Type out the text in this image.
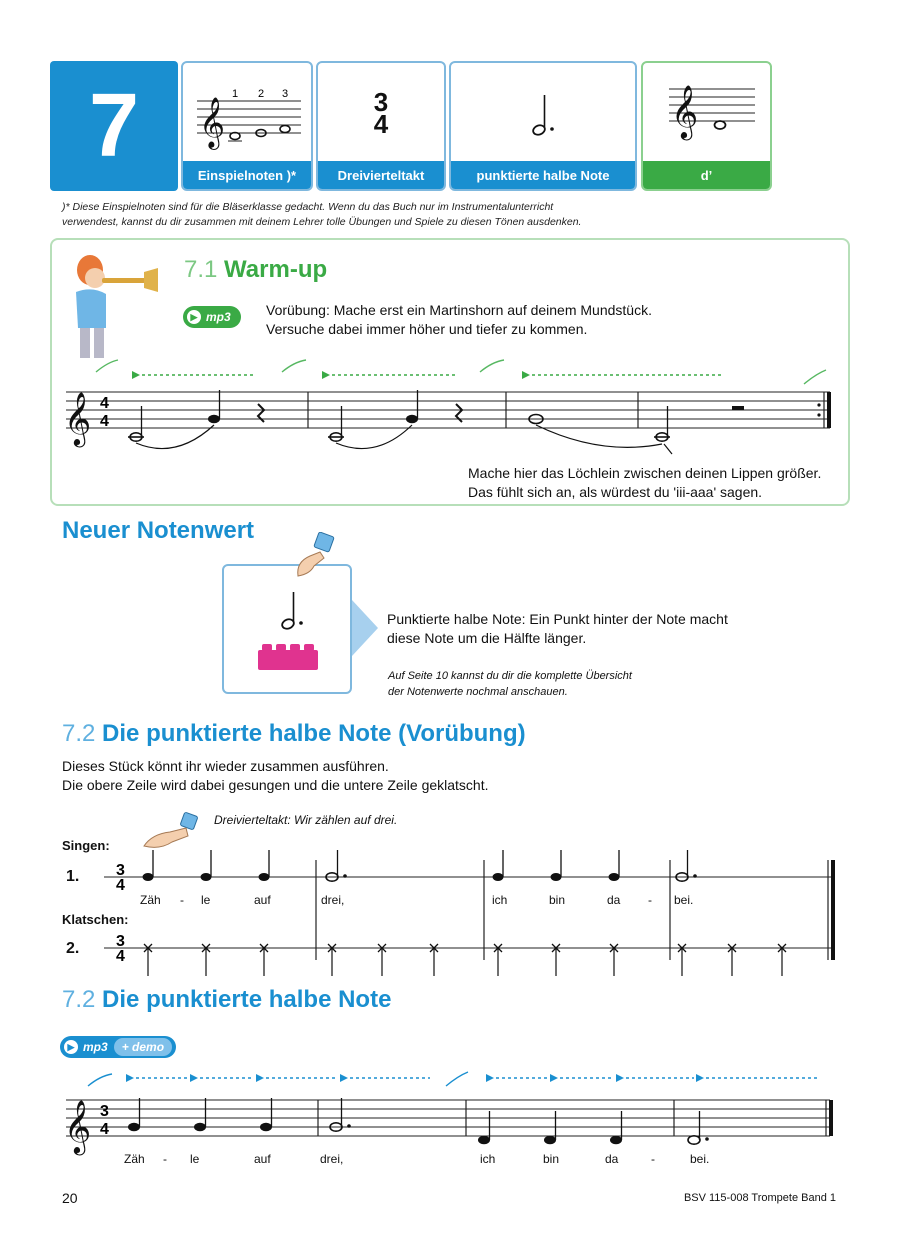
7	𝄞
1 2 3
Einspielnoten )*
3
4
Dreivierteltakt	punktierte halbe Note
𝄞
d’
)* Diese Einspielnoten sind für die Bläserklasse gedacht. Wenn du das Buch nur im Instrumentalunterricht
verwendest, kannst du dir zusammen mit deinem Lehrer tolle Übungen und Spiele zu diesen Tönen ausdenken.
7.1 Warm-up
▶ mp3	Vorübung: Mache erst ein Martinshorn auf deinem Mundstück.
Versuche dabei immer höher und tiefer zu kommen.
𝄞 4
4
Mache hier das Löchlein zwischen deinen Lippen größer.
Das fühlt sich an, als würdest du 'iii-aaa' sagen.
Neuer Notenwert
Punktierte halbe Note: Ein Punkt hinter der Note macht
diese Note um die Hälfte länger.
Auf Seite 10 kannst du dir die komplette Übersicht
der Notenwerte nochmal anschauen.
7.2 Die punktierte halbe Note (Vorübung)
Dieses Stück könnt ihr wieder zusammen ausführen.
Die obere Zeile wird dabei gesungen und die untere Zeile geklatscht.
Dreivierteltakt: Wir zählen auf drei.
Singen:
1.
Klatschen:
2.
3
4
3
4
Zäh - le	auf	drei,	ich	bin	da - bei.
7.2 Die punktierte halbe Note
▶ mp3	+ demo
𝄞 3
4
Zäh - le	auf	drei,	ich	bin	da	-	bei.
20	BSV 115-008 Trompete Band 1
